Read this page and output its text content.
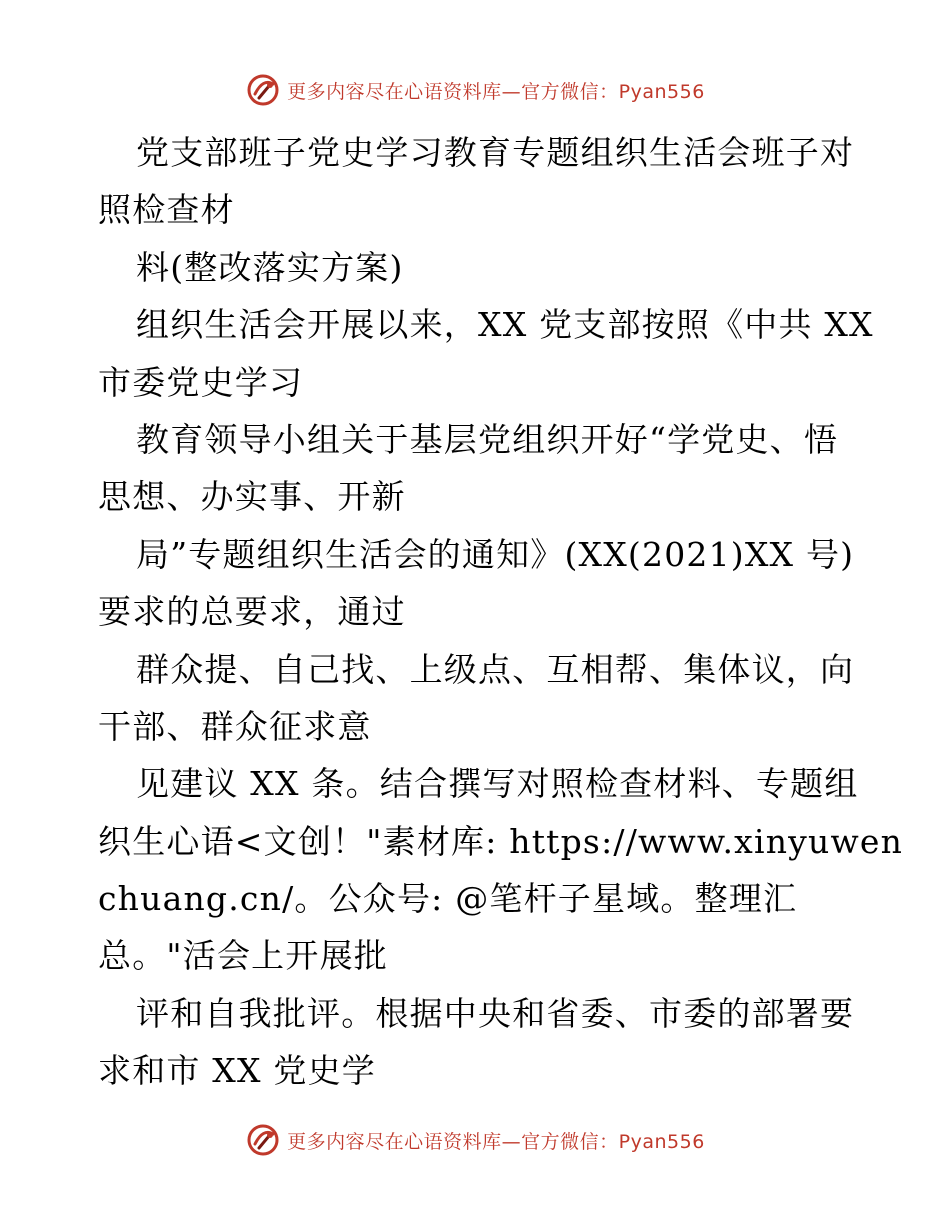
更多内容尽在心语资料库—官方微信：Pyan556
党支部班子党史学习教育专题组织生活会班子对
照检查材
料(整改落实方案)
组织生活会开展以来，XX 党支部按照《中共 XX
市委党史学习
教育领导小组关于基层党组织开好“学党史、悟
思想、办实事、开新
局”专题组织生活会的通知》(XX(2021)XX 号)
要求的总要求，通过
群众提、自己找、上级点、互相帮、集体议，向
干部、群众征求意
见建议 XX 条。结合撰写对照检查材料、专题组
织生心语<文创！"素材库: https://www.xinyuwen
chuang.cn/。公众号: @笔杆子星域。整理汇
总。"活会上开展批
评和自我批评。根据中央和省委、市委的部署要
求和市 XX 党史学
更多内容尽在心语资料库—官方微信：Pyan556
